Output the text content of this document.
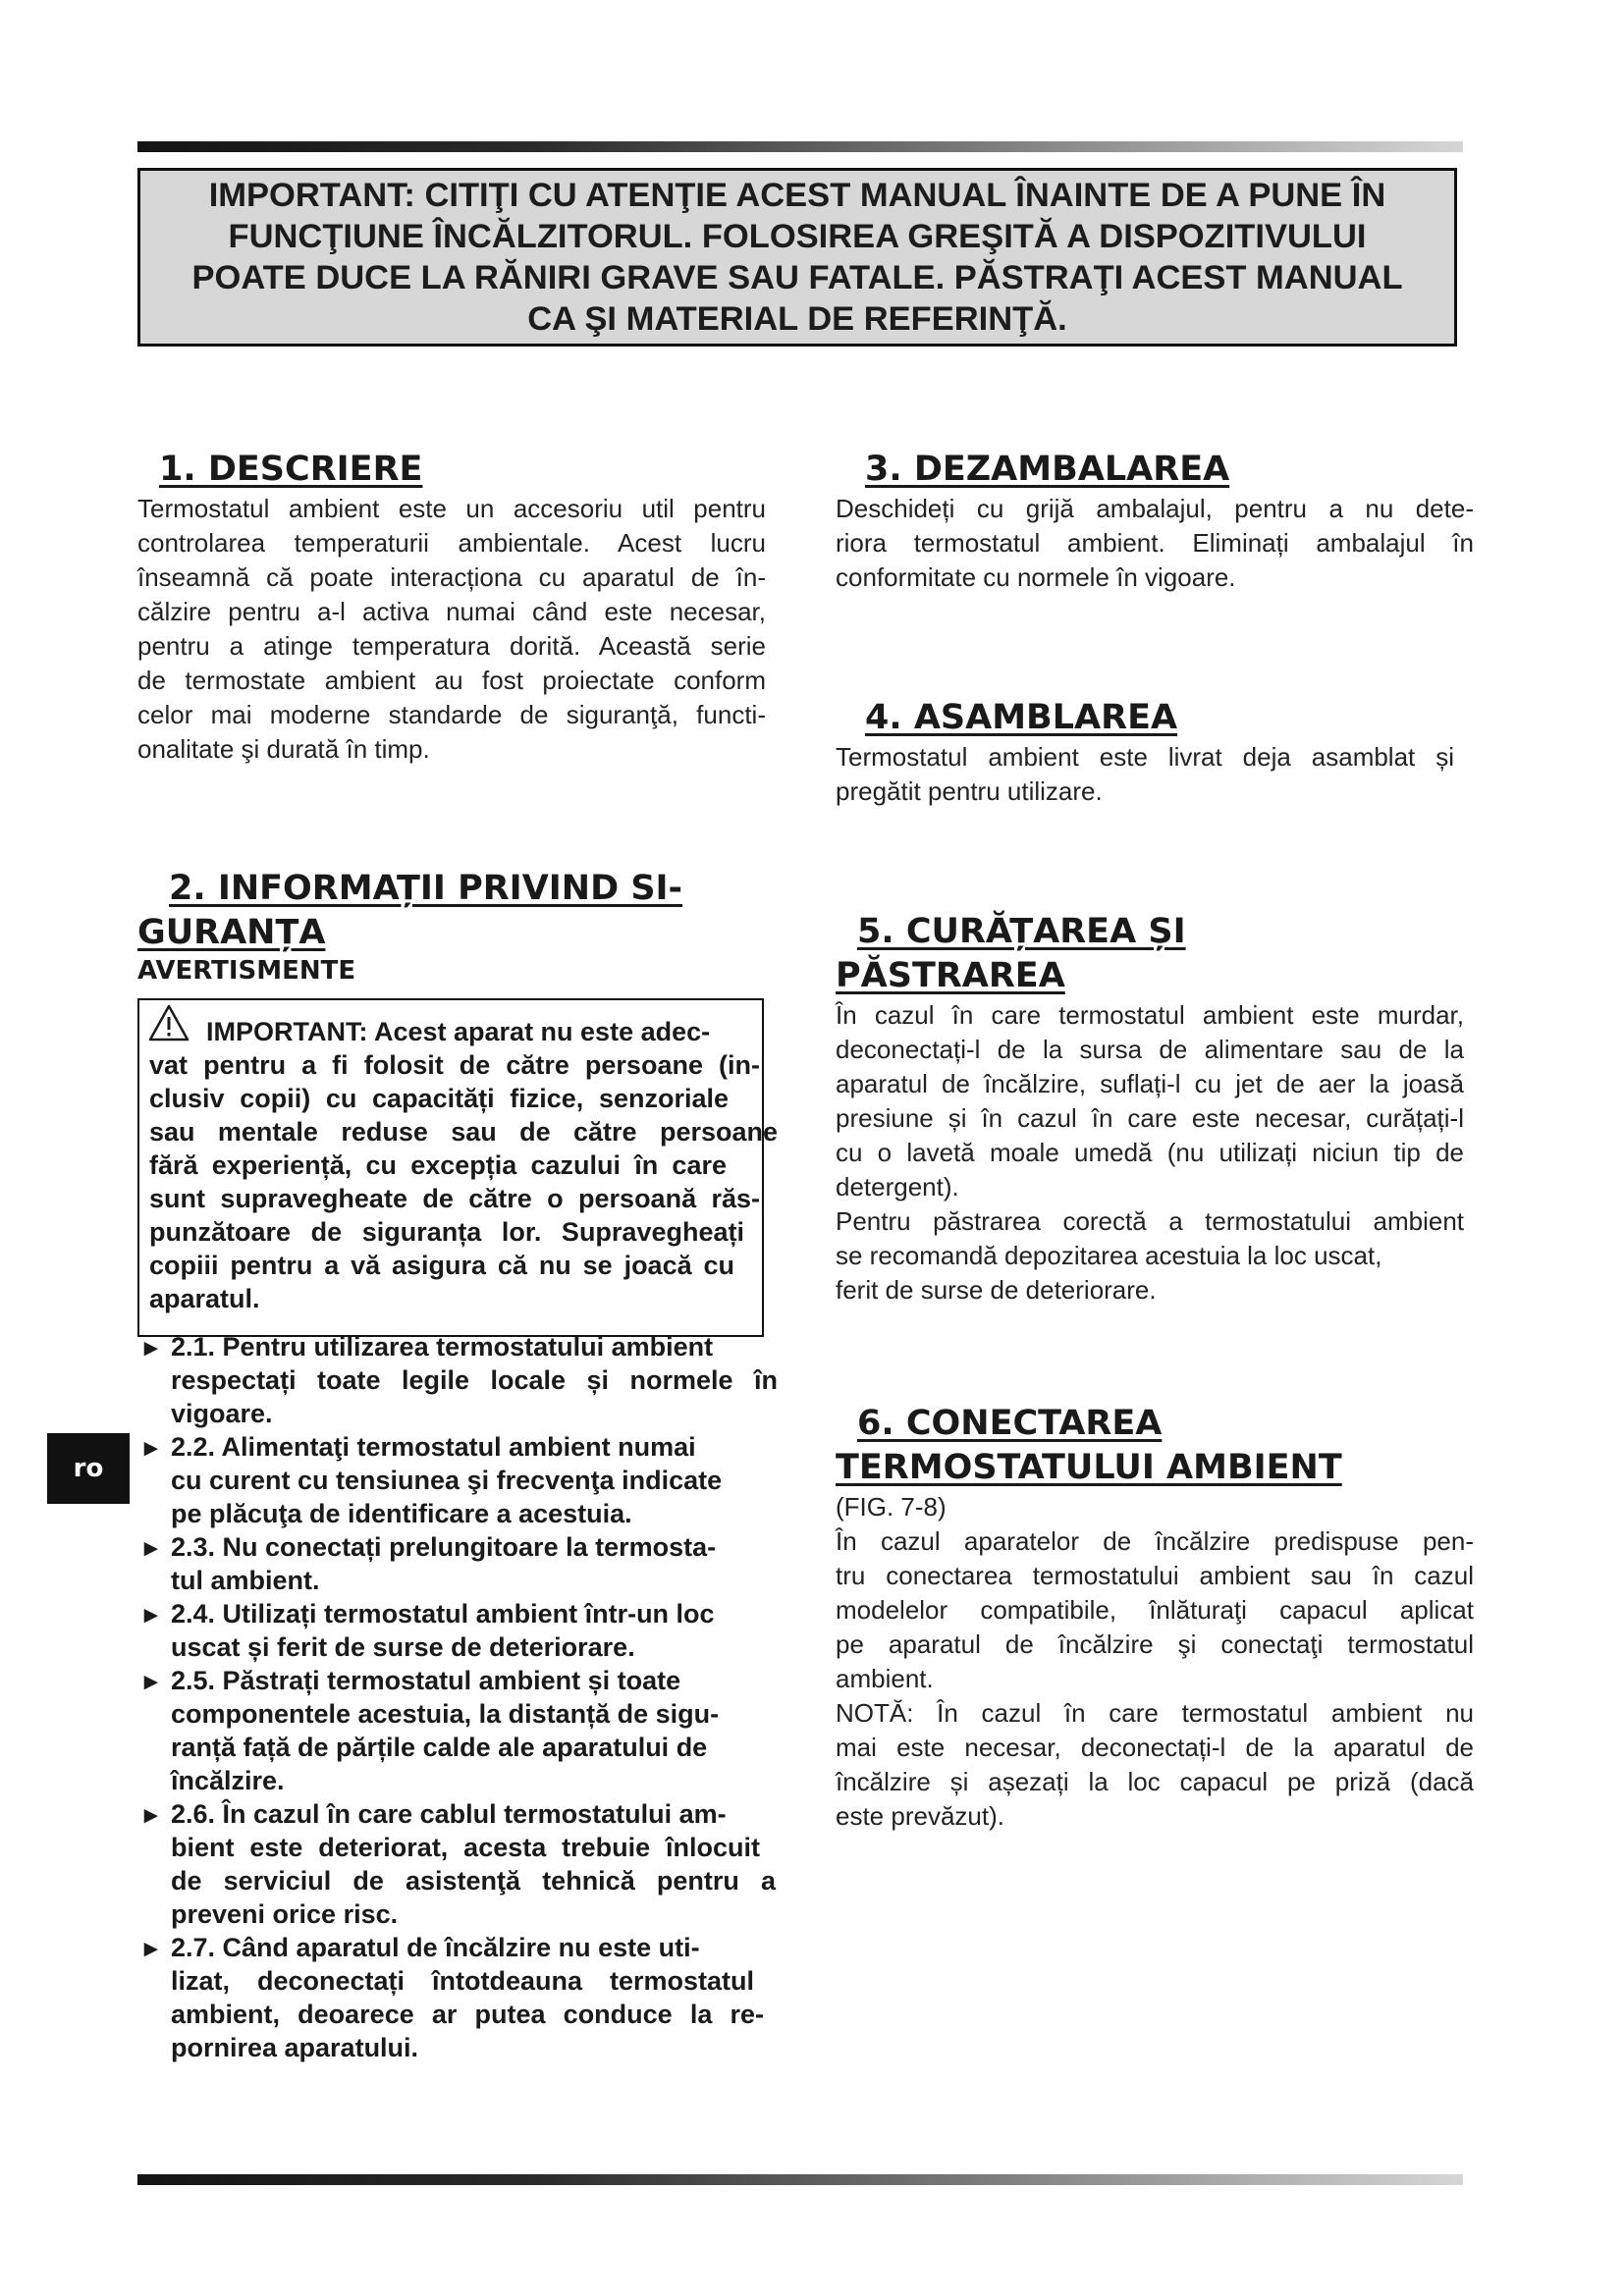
IMPORTANT: CITIŢI CU ATENŢIE ACEST MANUAL ÎNAINTE DE A PUNE ÎN
FUNCŢIUNE ÎNCĂLZITORUL. FOLOSIREA GREŞITĂ A DISPOZITIVULUI
POATE DUCE LA RĂNIRI GRAVE SAU FATALE. PĂSTRAŢI ACEST MANUAL
CA ŞI MATERIAL DE REFERINŢĂ.
ro
1. DESCRIERE
Termostatul ambient este un accesoriu util pentru
controlarea temperaturii ambientale. Acest lucru
înseamnă că poate interacționa cu aparatul de în-
călzire pentru a-l activa numai când este necesar,
pentru a atinge temperatura dorită. Această serie
de termostate ambient au fost proiectate conform
celor mai moderne standarde de siguranţă, functi-
onalitate şi durată în timp.
2. INFORMAȚII PRIVIND SI-
GURANȚA
AVERTISMENTE
IMPORTANT: Acest aparat nu este adec-
vat pentru a fi folosit de către persoane (in-
clusiv copii) cu capacități fizice, senzoriale
sau mentale reduse sau de către persoane
fără experiență, cu excepția cazului în care
sunt supravegheate de către o persoană răs-
punzătoare de siguranța lor. Supravegheați
copiii pentru a vă asigura că nu se joacă cu
aparatul.
► 2.1. Pentru utilizarea termostatului ambient
respectați toate legile locale și normele în
vigoare.
► 2.2. Alimentaţi termostatul ambient numai
cu curent cu tensiunea şi frecvenţa indicate
pe plăcuţa de identificare a acestuia.
► 2.3. Nu conectați prelungitoare la termosta-
tul ambient.
► 2.4. Utilizați termostatul ambient într-un loc
uscat și ferit de surse de deteriorare.
► 2.5. Păstrați termostatul ambient și toate
componentele acestuia, la distanță de sigu-
ranță față de părțile calde ale aparatului de
încălzire.
► 2.6. În cazul în care cablul termostatului am-
bient este deteriorat, acesta trebuie înlocuit
de serviciul de asistenţă tehnică pentru a
preveni orice risc.
► 2.7. Când aparatul de încălzire nu este uti-
lizat, deconectați întotdeauna termostatul
ambient, deoarece ar putea conduce la re-
pornirea aparatului.
3. DEZAMBALAREA
Deschideți cu grijă ambalajul, pentru a nu dete-
riora termostatul ambient. Eliminați ambalajul în
conformitate cu normele în vigoare.
4. ASAMBLAREA
Termostatul ambient este livrat deja asamblat și
pregătit pentru utilizare.
5. CURĂȚAREA ȘI
PĂSTRAREA
În cazul în care termostatul ambient este murdar,
deconectați-l de la sursa de alimentare sau de la
aparatul de încălzire, suflați-l cu jet de aer la joasă
presiune și în cazul în care este necesar, curățați-l
cu o lavetă moale umedă (nu utilizați niciun tip de
detergent).
Pentru păstrarea corectă a termostatului ambient
se recomandă depozitarea acestuia la loc uscat,
ferit de surse de deteriorare.
6. CONECTAREA
TERMOSTATULUI AMBIENT
(FIG. 7-8)
În cazul aparatelor de încălzire predispuse pen-
tru conectarea termostatului ambient sau în cazul
modelelor compatibile, înlăturaţi capacul aplicat
pe aparatul de încălzire şi conectaţi termostatul
ambient.
NOTĂ: În cazul în care termostatul ambient nu
mai este necesar, deconectați-l de la aparatul de
încălzire și așezați la loc capacul pe priză (dacă
este prevăzut).
